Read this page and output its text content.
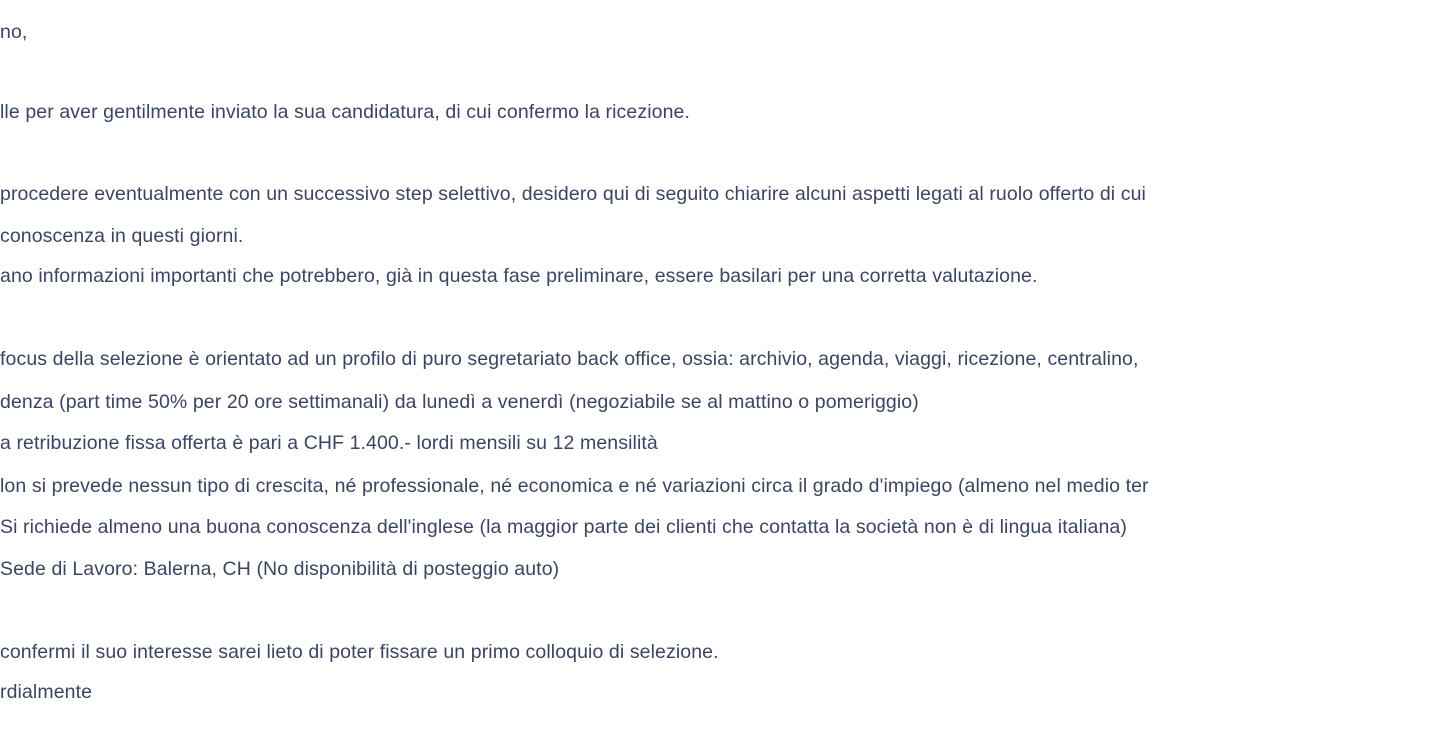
no,
lle per aver gentilmente inviato la sua candidatura, di cui confermo la ricezione.
procedere eventualmente con un successivo step selettivo, desidero qui di seguito chiarire alcuni aspetti legati al ruolo offerto di cui
conoscenza in questi giorni.
ano informazioni importanti che potrebbero, già in questa fase preliminare, essere basilari per una corretta valutazione.
focus della selezione è orientato ad un profilo di puro segretariato back office, ossia: archivio, agenda, viaggi, ricezione, centralino,
denza (part time 50% per 20 ore settimanali) da lunedì a venerdì (negoziabile se al mattino o pomeriggio)
a retribuzione fissa offerta è pari a CHF 1.400.- lordi mensili su 12 mensilità
lon si prevede nessun tipo di crescita, né professionale, né economica e né variazioni circa il grado d'impiego (almeno nel medio ter
Si richiede almeno una buona conoscenza dell'inglese (la maggior parte dei clienti che contatta la società non è di lingua italiana)
Sede di Lavoro: Balerna, CH (No disponibilità di posteggio auto)
confermi il suo interesse sarei lieto di poter fissare un primo colloquio di selezione.
rdialmente
